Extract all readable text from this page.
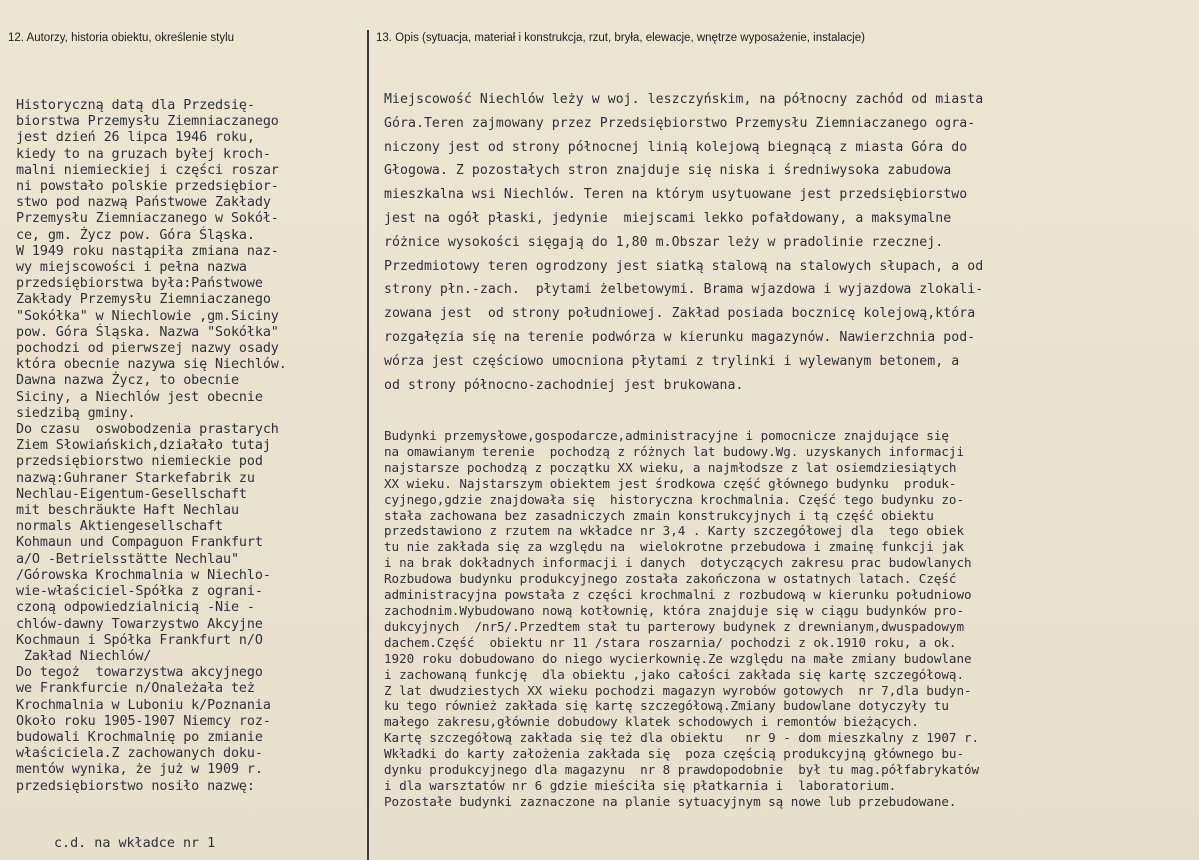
12. Autorzy, historia obiektu, określenie stylu	13. Opis (sytuacja, materiał i konstrukcja, rzut, bryła, elewacje, wnętrze wyposażenie, instalacje)
Historyczną datą dla Przedsię-
biorstwa Przemysłu Ziemniaczanego
jest dzień 26 lipca 1946 roku,
kiedy to na gruzach byłej kroch-
malni niemieckiej i części roszar
ni powstało polskie przedsiębior-
stwo pod nazwą Państwowe Zakłady
Przemysłu Ziemniaczanego w Sokół-
ce, gm. Życz pow. Góra Śląska.
W 1949 roku nastąpiła zmiana naz-
wy miejscowości i pełna nazwa
przedsiębiorstwa była:Państwowe
Zakłady Przemysłu Ziemniaczanego
"Sokółka" w Niechlowie ,gm.Siciny
pow. Góra Śląska. Nazwa "Sokółka"
pochodzi od pierwszej nazwy osady
która obecnie nazywa się Niechlów.
Dawna nazwa Życz, to obecnie
Siciny, a Niechlów jest obecnie
siedzibą gminy.
Do czasu  oswobodzenia prastarych
Ziem Słowiańskich,działało tutaj
przedsiębiorstwo niemieckie pod
nazwą:Guhraner Starkefabrik zu
Nechlau-Eigentum-Gesellschaft
mit beschräukte Haft Nechlau
normals Aktiengesellschaft
Kohmaun und Compaguon Frankfurt
a/O -Betrielsstätte Nechlau"
/Górowska Krochmalnia w Niechlo-
wie-właściciel-Spółka z ograni-
czoną odpowiedzialnicią -Nie -
chlów-dawny Towarzystwo Akcyjne
Kochmaun i Spółka Frankfurt n/O
Zakład Niechlów/
Do tegoż  towarzystwa akcyjnego
we Frankfurcie n/Onależała też
Krochmalnia w Luboniu k/Poznania
Około roku 1905-1907 Niemcy roz-
budowali Krochmalnię po zmianie
właściciela.Z zachowanych doku-
mentów wynika, że już w 1909 r.
przedsiębiorstwo nosiło nazwę:
c.d. na wkładce nr 1
Miejscowość Niechlów leży w woj. leszczyńskim, na północny zachód od miasta
Góra.Teren zajmowany przez Przedsiębiorstwo Przemysłu Ziemniaczanego ogra-
niczony jest od strony północnej linią kolejową biegnącą z miasta Góra do
Głogowa. Z pozostałych stron znajduje się niska i średniwysoka zabudowa
mieszkalna wsi Niechlów. Teren na którym usytuowane jest przedsiębiorstwo
jest na ogół płaski, jedynie  miejscami lekko pofałdowany, a maksymalne
różnice wysokości sięgają do 1,80 m.Obszar leży w pradolinie rzecznej.
Przedmiotowy teren ogrodzony jest siatką stalową na stalowych słupach, a od
strony płn.-zach.  płytami żelbetowymi. Brama wjazdowa i wyjazdowa zlokali-
zowana jest  od strony południowej. Zakład posiada bocznicę kolejową,która
rozgałęzia się na terenie podwórza w kierunku magazynów. Nawierzchnia pod-
wórza jest częściowo umocniona płytami z trylinki i wylewanym betonem, a
od strony północno-zachodniej jest brukowana.
Budynki przemysłowe,gospodarcze,administracyjne i pomocnicze znajdujące się
na omawianym terenie  pochodzą z różnych lat budowy.Wg. uzyskanych informacji
najstarsze pochodzą z początku XX wieku, a najmłodsze z lat osiemdziesiątych
XX wieku. Najstarszym obiektem jest środkowa część głównego budynku  produk-
cyjnego,gdzie znajdowała się  historyczna krochmalnia. Część tego budynku zo-
stała zachowana bez zasadniczych zmain konstrukcyjnych i tą część obiektu
przedstawiono z rzutem na wkładce nr 3,4 . Karty szczegółowej dla  tego obiek
tu nie zakłada się za względu na  wielokrotne przebudowa i zmainę funkcji jak
i na brak dokładnych informacji i danych  dotyczących zakresu prac budowlanych
Rozbudowa budynku produkcyjnego została zakończona w ostatnych latach. Część
administracyjna powstała z części krochmalni z rozbudową w kierunku południowo
zachodnim.Wybudowano nową kotłownię, która znajduje się w ciągu budynków pro-
dukcyjnych  /nr5/.Przedtem stał tu parterowy budynek z drewnianym,dwuspadowym
dachem.Część  obiektu nr 11 /stara roszarnia/ pochodzi z ok.1910 roku, a ok.
1920 roku dobudowano do niego wycierkownię.Ze względu na małe zmiany budowlane
i zachowaną funkcję  dla obiektu ,jako całości zakłada się kartę szczegółową.
Z lat dwudziestych XX wieku pochodzi magazyn wyrobów gotowych  nr 7,dla budyn-
ku tego również zakłada się kartę szczegółową.Zmiany budowlane dotyczyły tu
małego zakresu,głównie dobudowy klatek schodowych i remontów bieżących.
Kartę szczegółową zakłada się też dla obiektu   nr 9 - dom mieszkalny z 1907 r.
Wkładki do karty założenia zakłada się  poza częścią produkcyjną głównego bu-
dynku produkcyjnego dla magazynu  nr 8 prawdopodobnie  był tu mag.półfabrykatów
i dla warsztatów nr 6 gdzie mieściła się płatkarnia i  laboratorium.
Pozostałe budynki zaznaczone na planie sytuacyjnym są nowe lub przebudowane.
